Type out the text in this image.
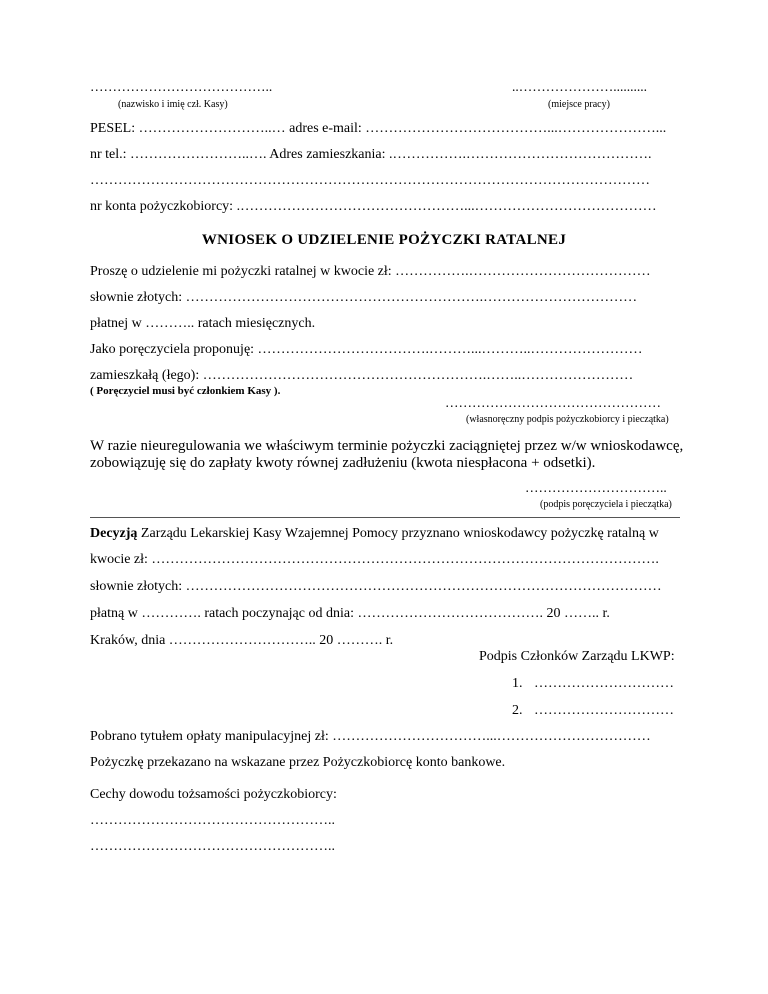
…………………………………..
(nazwisko i imię czł. Kasy)
..…………………..........
(miejsce pracy)
PESEL: ………………………..… adres e-mail: …………………………………...…………………...
nr tel.: ……………………..…. Adres zamieszkania: .…………….………………………………….
…………………………………………………………………………………………………………
nr konta pożyczkobiorcy: .…………………………………………...…………………………………
WNIOSEK O UDZIELENIE POŻYCZKI RATALNEJ
Proszę o udzielenie mi pożyczki ratalnej w kwocie zł: …………….…………………………………
słownie złotych: ……………………………………………………….……………………………
płatnej w ……….. ratach miesięcznych.
Jako poręczyciela proponuję: ……………………………….………...………..……………………
zamieszkałą (łego): …………………………………………………….……..……………………
( Poręczyciel musi być członkiem Kasy ).
…………………………………………
(własnoręczny podpis pożyczkobiorcy i pieczątka)
W razie nieuregulowania we właściwym terminie pożyczki zaciągniętej przez w/w wnioskodawcę,
zobowiązuję się do zapłaty kwoty równej zadłużeniu (kwota niespłacona + odsetki).
…………………………..
(podpis poręczyciela i pieczątka)
Decyzją Zarządu Lekarskiej Kasy Wzajemnej Pomocy przyznano wnioskodawcy pożyczkę ratalną w
kwocie zł: ……………………………………………………………………………………………….
słownie złotych: …………………………………………………………………………………………
płatną w …………. ratach poczynając od dnia: …………………………………. 20 …….. r.
Kraków, dnia ………………………….. 20 ………. r.
Podpis Członków Zarządu LKWP:
1. …………………………
2. …………………………
Pobrano tytułem opłaty manipulacyjnej zł: ……………………………...……………………………
Pożyczkę przekazano na wskazane przez Pożyczkobiorcę konto bankowe.
Cechy dowodu tożsamości pożyczkobiorcy:
……………………………………………..
……………………………………………..
